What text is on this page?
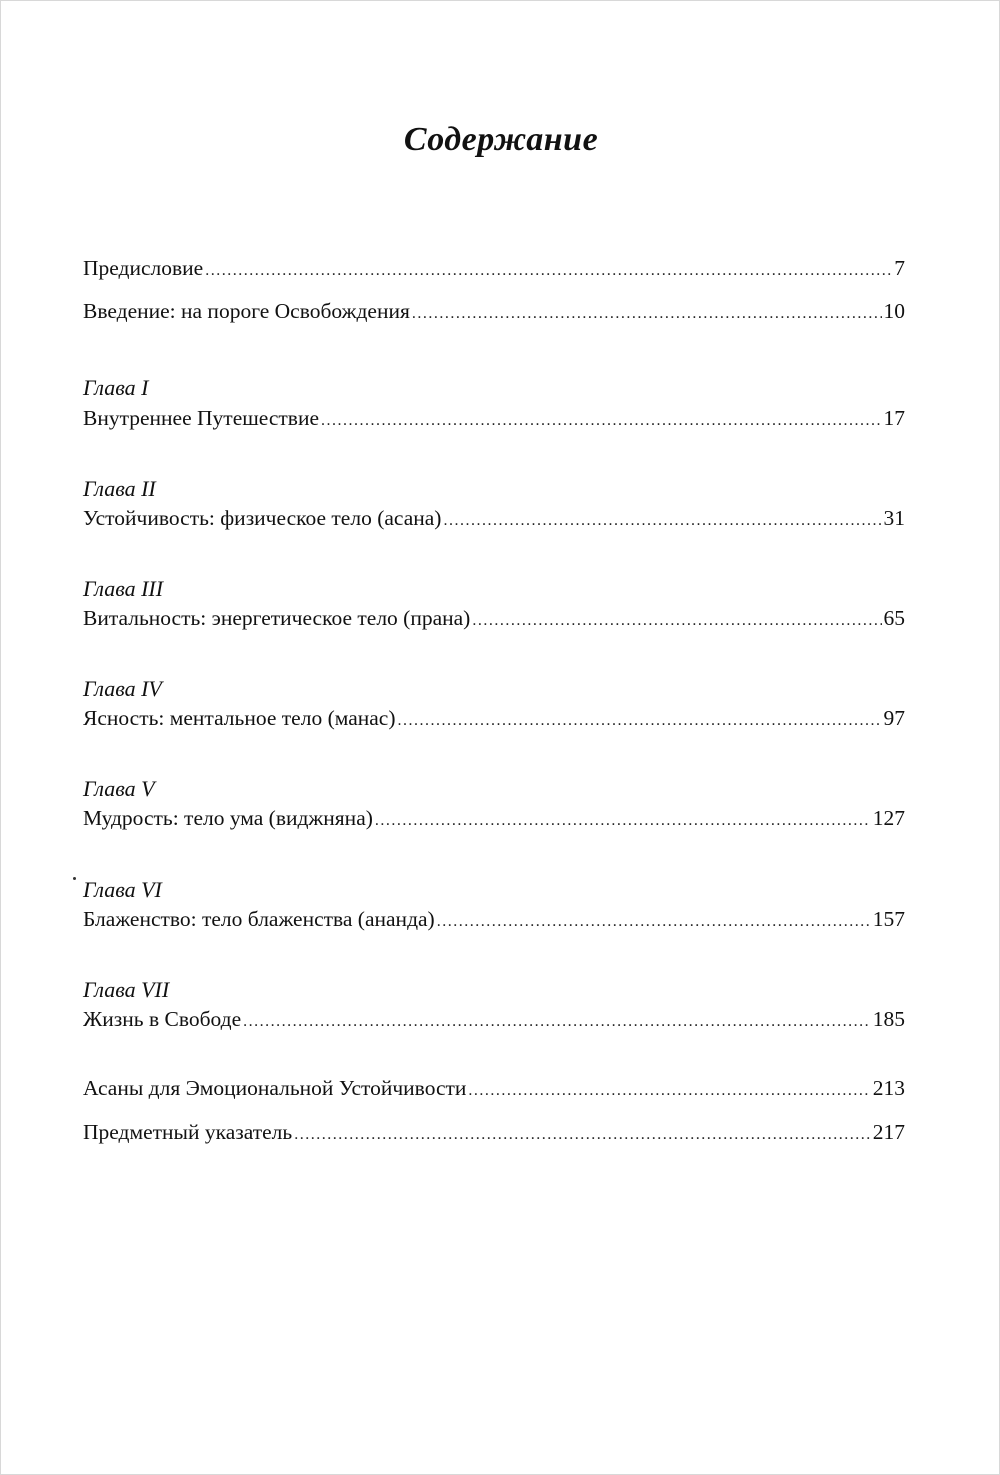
Содержание
Предисловие .....	7
Введение: на пороге Освобождения .....	10
Глава I
Внутреннее Путешествие .....	17
Глава II
Устойчивость: физическое тело (асана) .....	31
Глава III
Витальность: энергетическое тело (прана) .....	65
Глава IV
Ясность: ментальное тело (манас) .....	97
Глава V
Мудрость: тело ума (виджняна) .....	127
Глава VI
Блаженство: тело блаженства (ананда) .....	157
Глава VII
Жизнь в Свободе .....	185
Асаны для Эмоциональной Устойчивости .....	213
Предметный указатель .....	217
